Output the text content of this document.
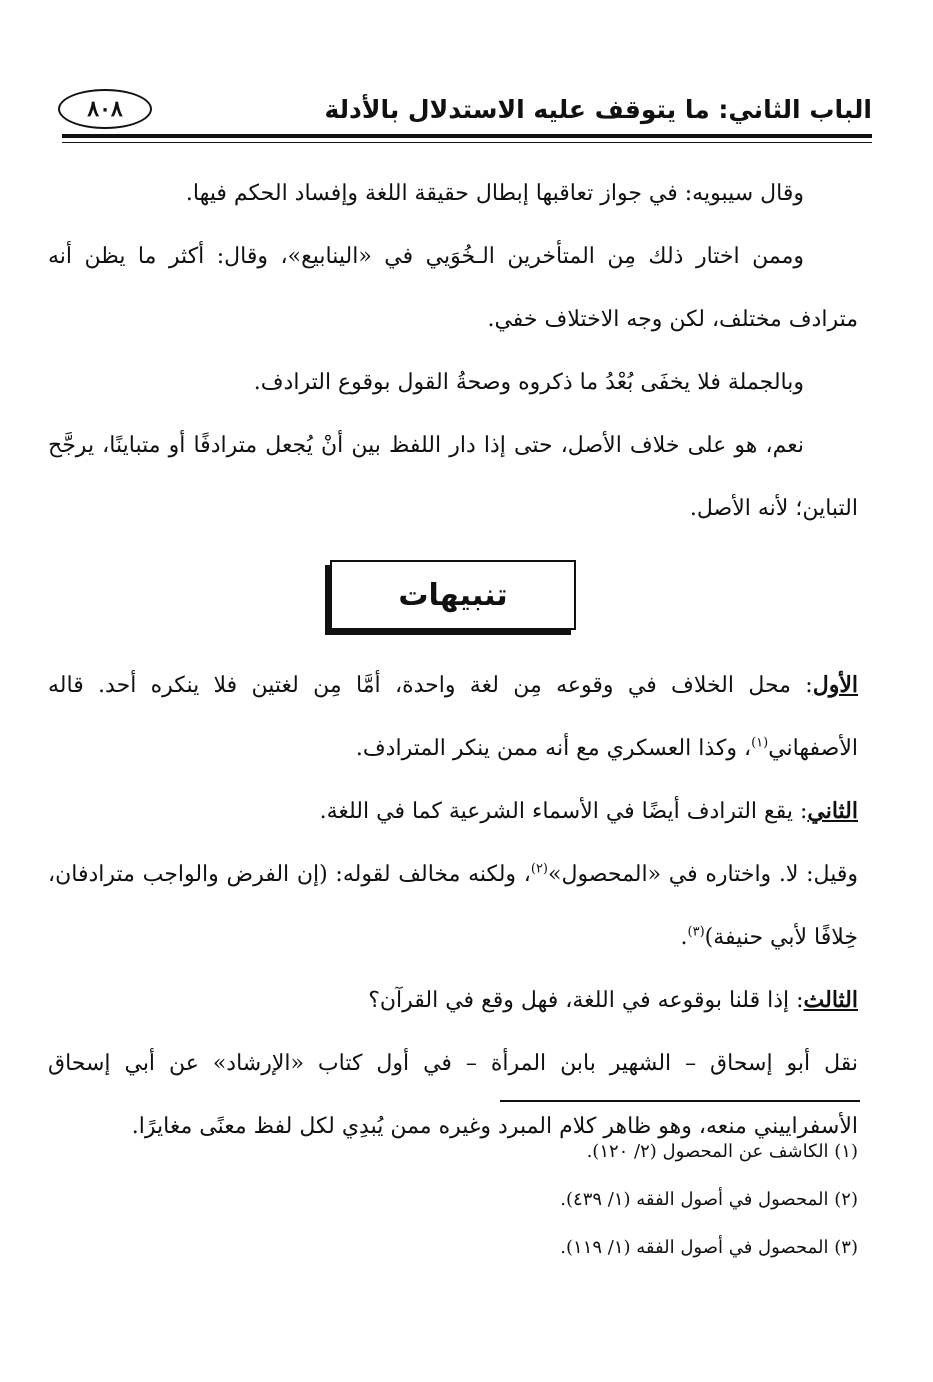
الباب الثاني: ما يتوقف عليه الاستدلال بالأدلة
٨٠٨

وقال سيبويه: في جواز تعاقبها إبطال حقيقة اللغة وإفساد الحكم فيها.

وممن اختار ذلك مِن المتأخرين الـخُوَيي في «الينابيع»، وقال: أكثر ما يظن أنه مترادف مختلف، لكن وجه الاختلاف خفي.

وبالجملة فلا يخفَى بُعْدُ ما ذكروه وصحةُ القول بوقوع الترادف.

نعم، هو على خلاف الأصل، حتى إذا دار اللفظ بين أنْ يُجعل مترادفًا أو متباينًا، يرجَّح التباين؛ لأنه الأصل.

تنبيهات

الأول: محل الخلاف في وقوعه مِن لغة واحدة، أمَّا مِن لغتين فلا ينكره أحد. قاله الأصفهاني$^{(١)}$، وكذا العسكري مع أنه ممن ينكر المترادف.

الثاني: يقع الترادف أيضًا في الأسماء الشرعية كما في اللغة.

وقيل: لا. واختاره في «المحصول»$^{(٢)}$، ولكنه مخالف لقوله: (إن الفرض والواجب مترادفان، خِلافًا لأبي حنيفة)$^{(٣)}$.

الثالث: إذا قلنا بوقوعه في اللغة، فهل وقع في القرآن؟

نقل أبو إسحاق – الشهير بابن المرأة – في أول كتاب «الإرشاد» عن أبي إسحاق الأسفراييني منعه، وهو ظاهر كلام المبرد وغيره ممن يُبدِي لكل لفظ معنًى مغايرًا.

(١) الكاشف عن المحصول (٢/ ١٢٠).

(٢) المحصول في أصول الفقه (١/ ٤٣٩).

(٣) المحصول في أصول الفقه (١/ ١١٩).
